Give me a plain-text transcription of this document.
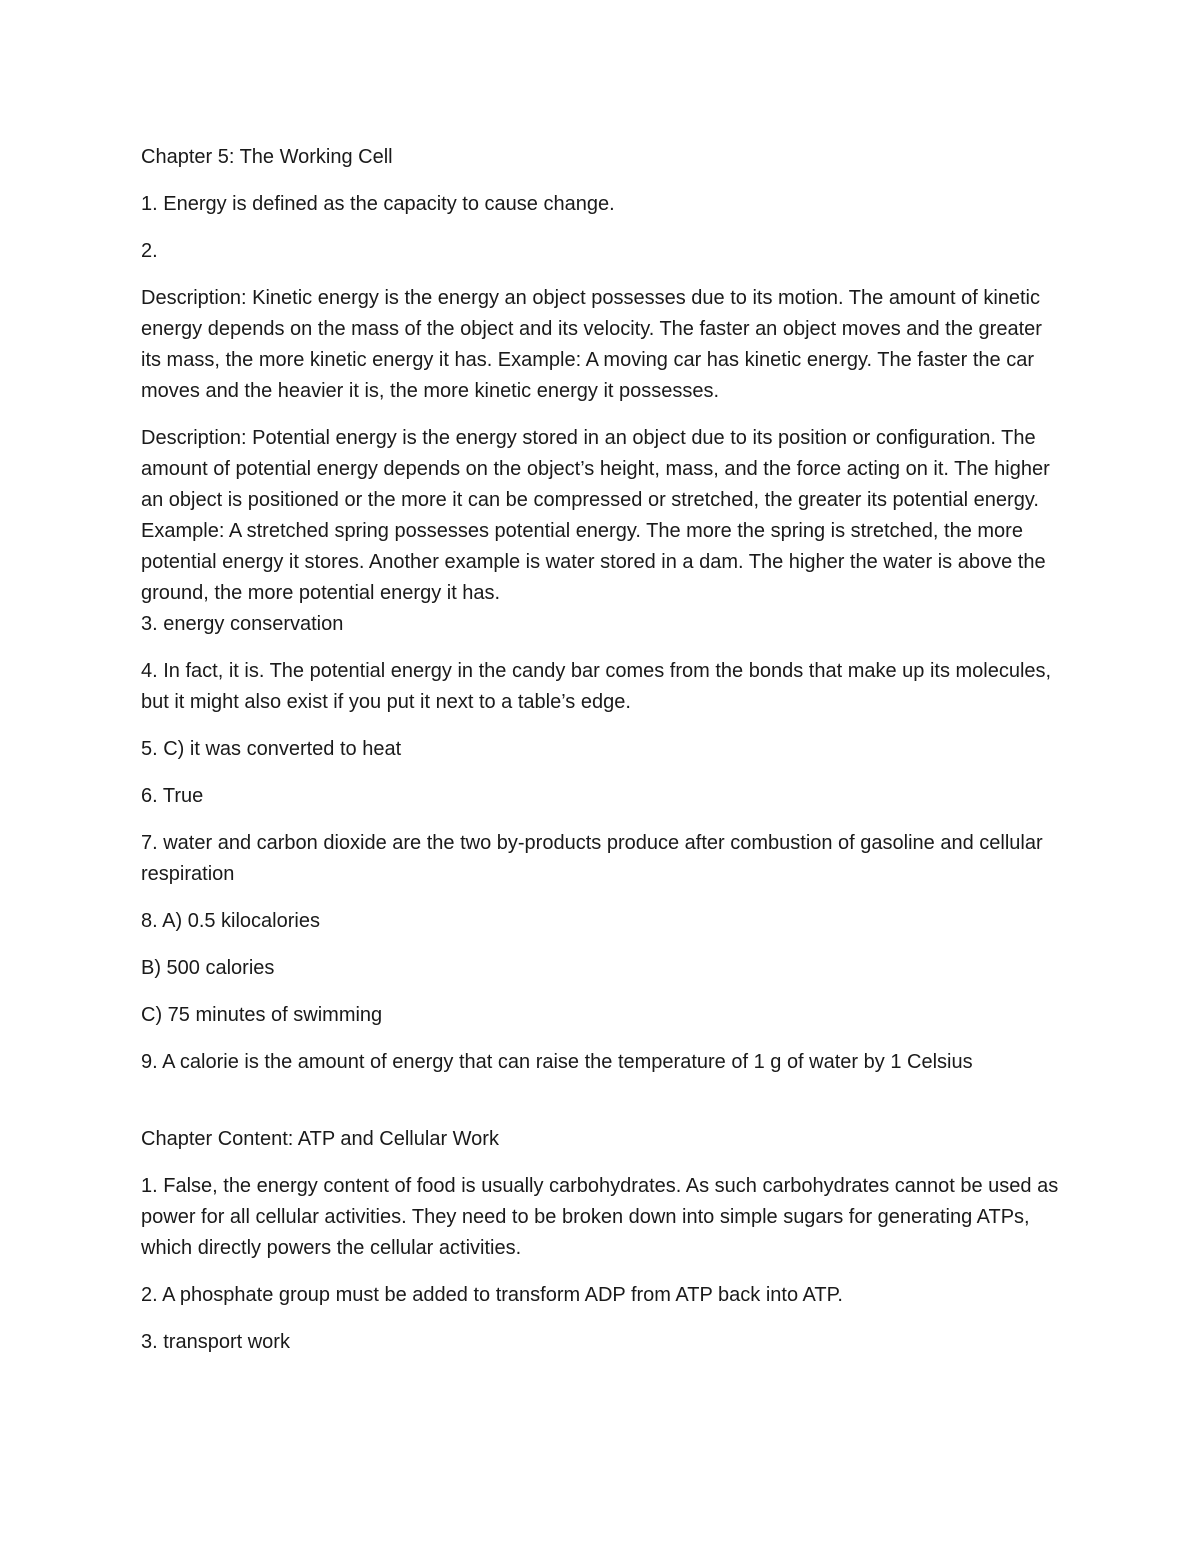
Chapter 5: The Working Cell

1. Energy is defined as the capacity to cause change.

2.

Description: Kinetic energy is the energy an object possesses due to its motion. The amount of kinetic energy depends on the mass of the object and its velocity. The faster an object moves and the greater its mass, the more kinetic energy it has. Example: A moving car has kinetic energy. The faster the car moves and the heavier it is, the more kinetic energy it possesses.

Description: Potential energy is the energy stored in an object due to its position or configuration. The amount of potential energy depends on the object’s height, mass, and the force acting on it. The higher an object is positioned or the more it can be compressed or stretched, the greater its potential energy. Example: A stretched spring possesses potential energy. The more the spring is stretched, the more potential energy it stores. Another example is water stored in a dam. The higher the water is above the ground, the more potential energy it has.

3. energy conservation

4. In fact, it is. The potential energy in the candy bar comes from the bonds that make up its molecules, but it might also exist if you put it next to a table’s edge.

5. C) it was converted to heat

6. True

7. water and carbon dioxide are the two by-products produce after combustion of gasoline and cellular respiration

8. A) 0.5 kilocalories

B) 500 calories

C) 75 minutes of swimming

9. A calorie is the amount of energy that can raise the temperature of 1 g of water by 1 Celsius

Chapter Content: ATP and Cellular Work

1. False, the energy content of food is usually carbohydrates. As such carbohydrates cannot be used as power for all cellular activities. They need to be broken down into simple sugars for generating ATPs, which directly powers the cellular activities.

2. A phosphate group must be added to transform ADP from ATP back into ATP.

3. transport work
